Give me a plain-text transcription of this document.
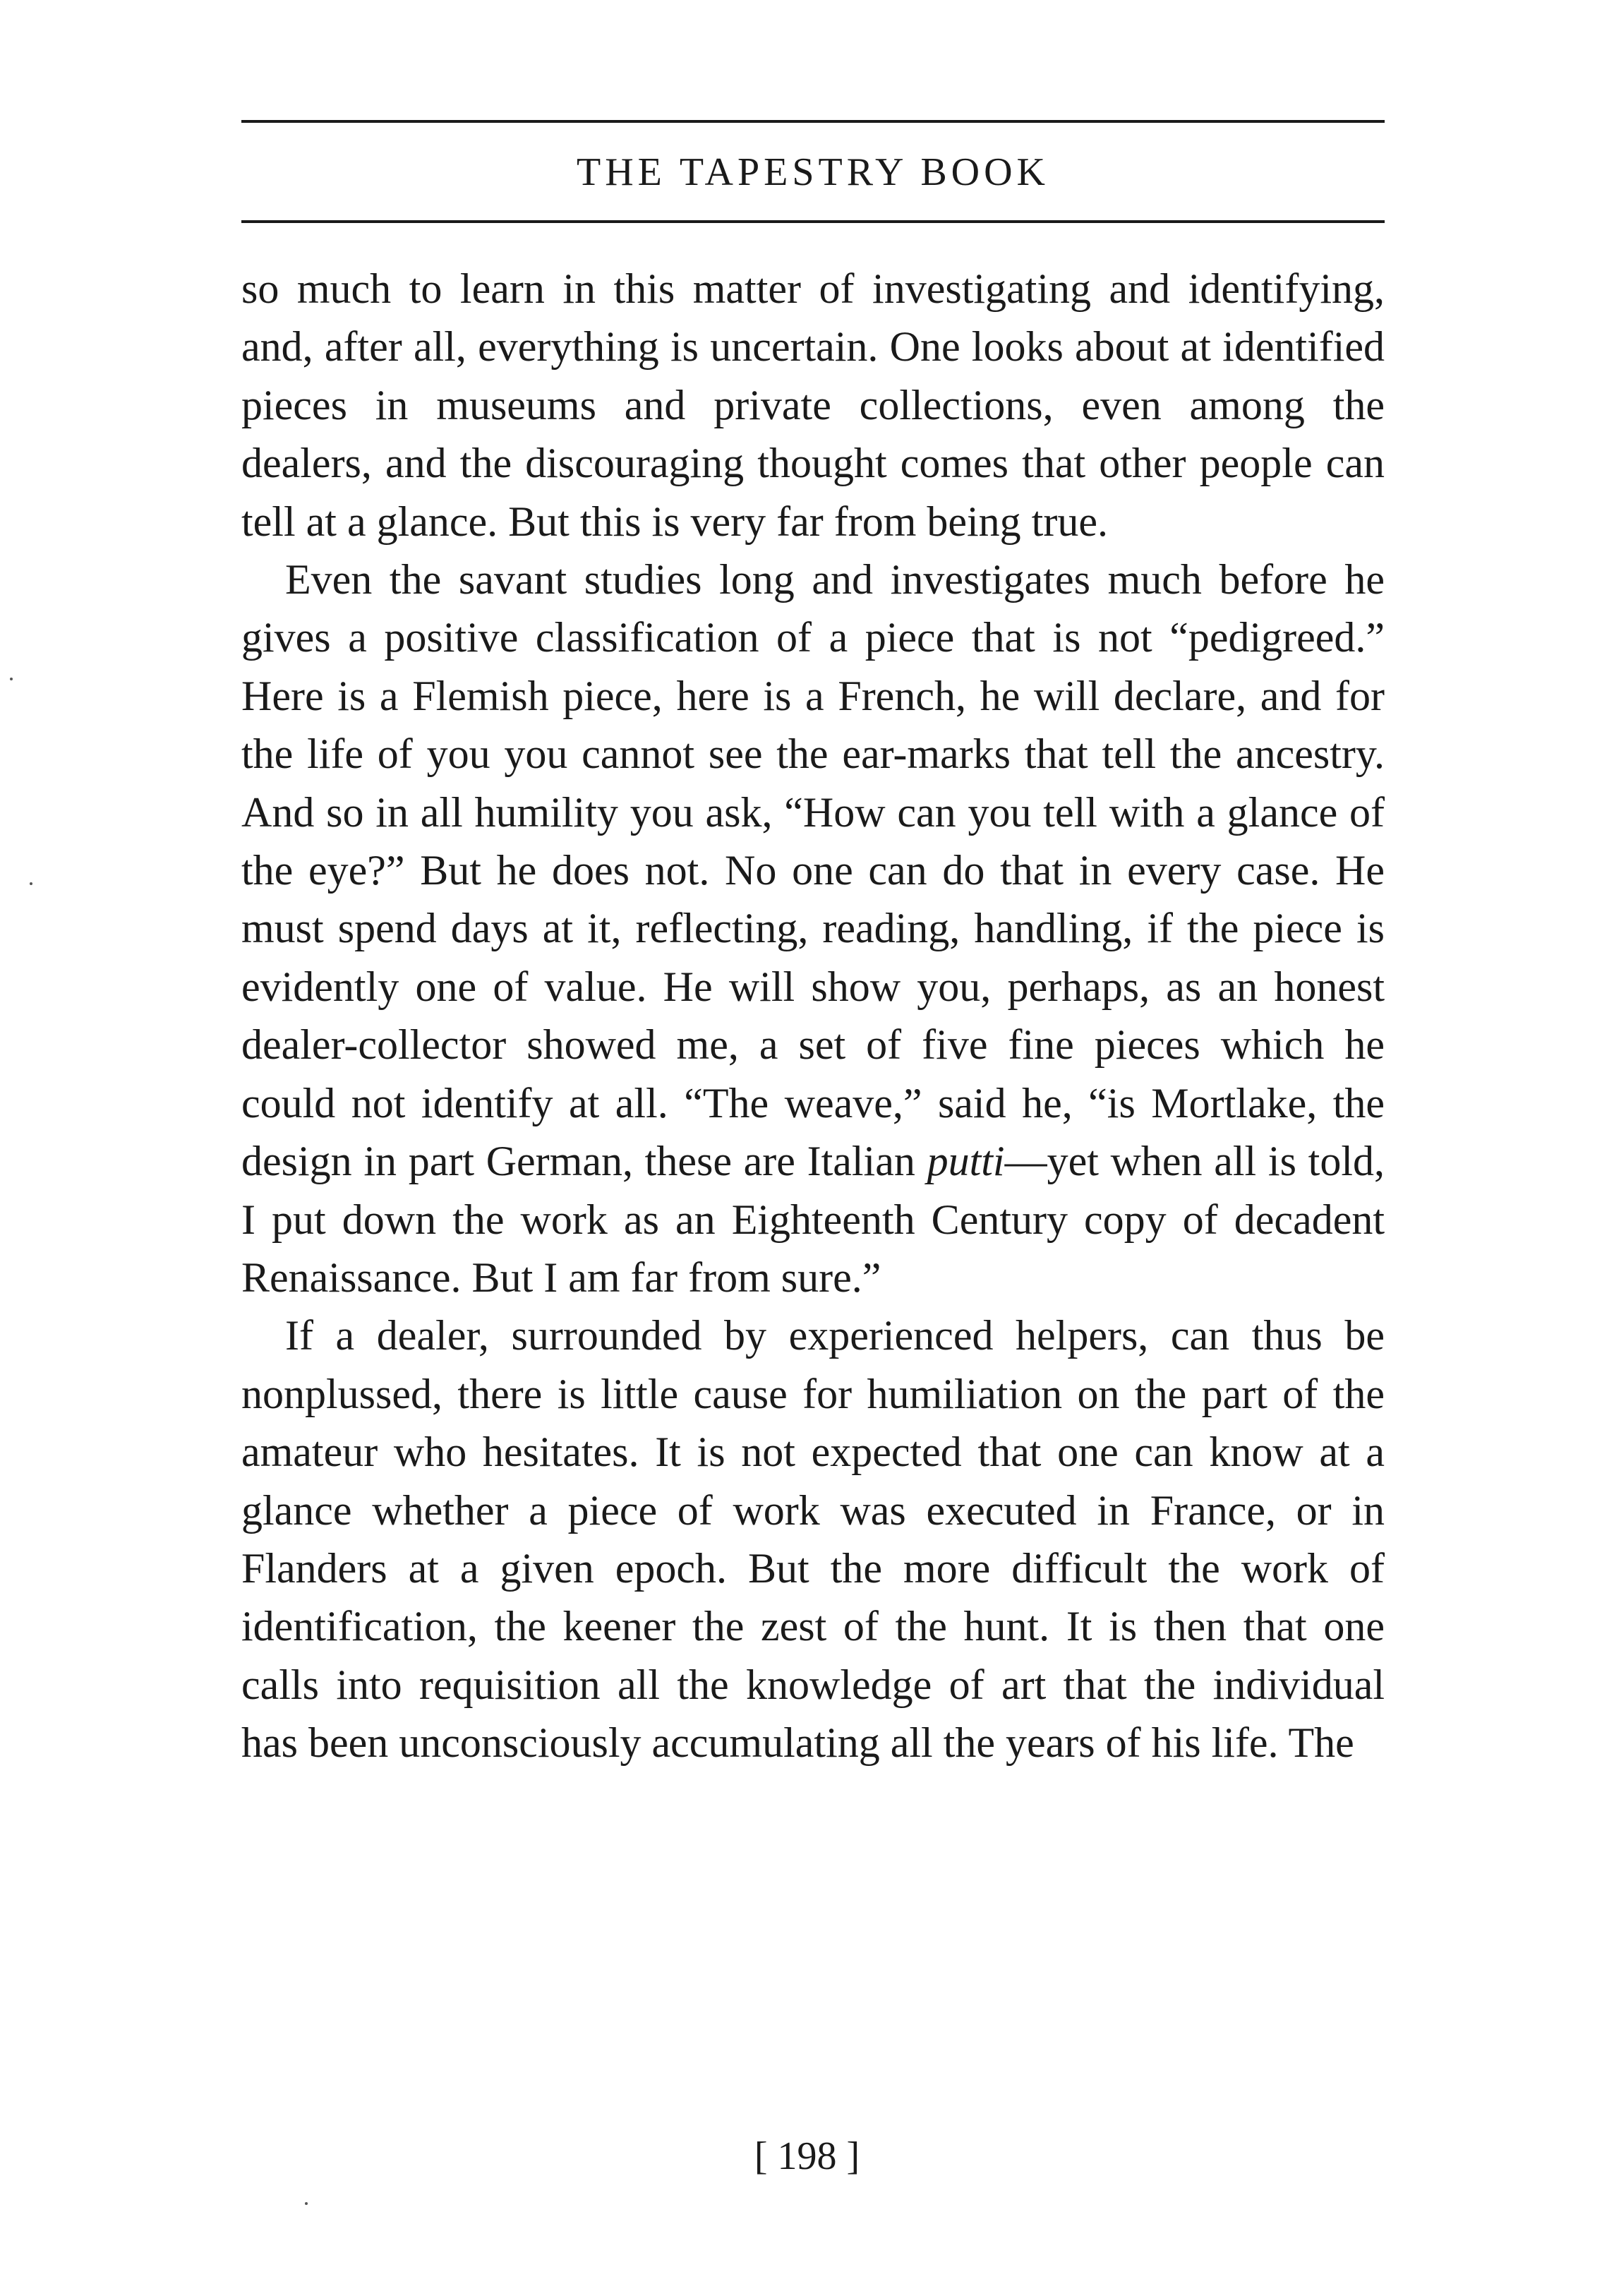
THE TAPESTRY BOOK

so much to learn in this matter of investigating and identifying, and, after all, everything is uncertain. One looks about at identified pieces in museums and private collections, even among the dealers, and the discouraging thought comes that other people can tell at a glance. But this is very far from being true.

Even the savant studies long and investigates much before he gives a positive classification of a piece that is not “pedigreed.” Here is a Flemish piece, here is a French, he will declare, and for the life of you you cannot see the ear-marks that tell the ancestry. And so in all humility you ask, “How can you tell with a glance of the eye?” But he does not. No one can do that in every case. He must spend days at it, reflecting, reading, handling, if the piece is evidently one of value. He will show you, perhaps, as an honest dealer-collector showed me, a set of five fine pieces which he could not identify at all. “The weave,” said he, “is Mortlake, the design in part German, these are Italian putti—yet when all is told, I put down the work as an Eighteenth Century copy of decadent Renaissance. But I am far from sure.”

If a dealer, surrounded by experienced helpers, can thus be nonplussed, there is little cause for humiliation on the part of the amateur who hesitates. It is not expected that one can know at a glance whether a piece of work was executed in France, or in Flanders at a given epoch. But the more difficult the work of identification, the keener the zest of the hunt. It is then that one calls into requisition all the knowledge of art that the individual has been unconsciously accumulating all the years of his life. The

[ 198 ]
